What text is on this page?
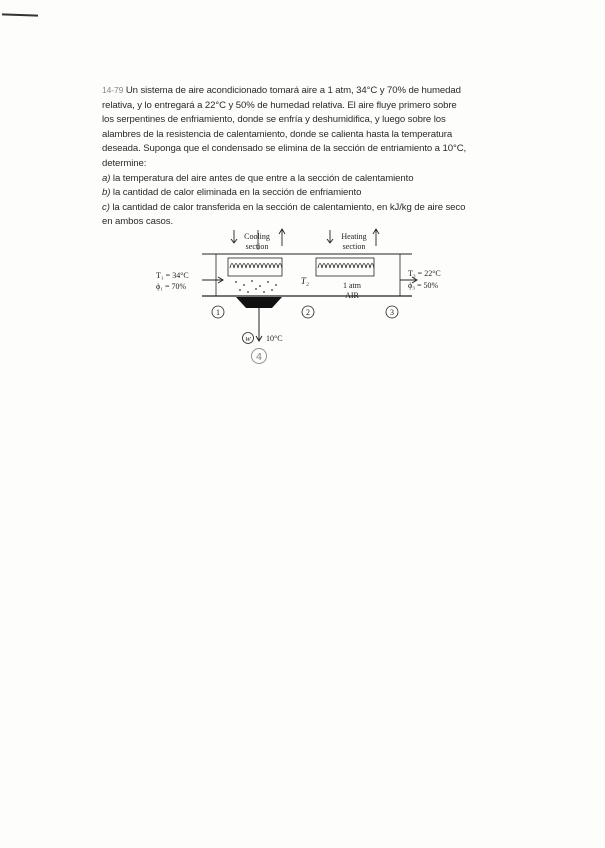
14-79 Un sistema de aire acondicionado tomará aire a 1 atm, 34°C y 70% de humedad

relativa, y lo entregará a 22°C y 50% de humedad relativa. El aire fluye primero sobre

los serpentines de enfriamiento, donde se enfría y deshumidifica, y luego sobre los

alambres de la resistencia de calentamiento, donde se calienta hasta la temperatura

deseada. Suponga que el condensado se elimina de la sección de entriamiento a 10°C,

determine:

a) la temperatura del aire antes de que entre a la sección de calentamiento

b) la cantidad de calor eliminada en la sección de enfriamiento

c) la cantidad de calor transferida en la sección de calentamiento, en kJ/kg de aire seco

en ambos casos.

Cooling
section
Heating
section
T₁ = 34°C
ϕ₁ = 70%
T₂	1 atm
AIR
T₃ = 22°C
ϕ₃ = 50%
w 10°C
4
1	2	3
